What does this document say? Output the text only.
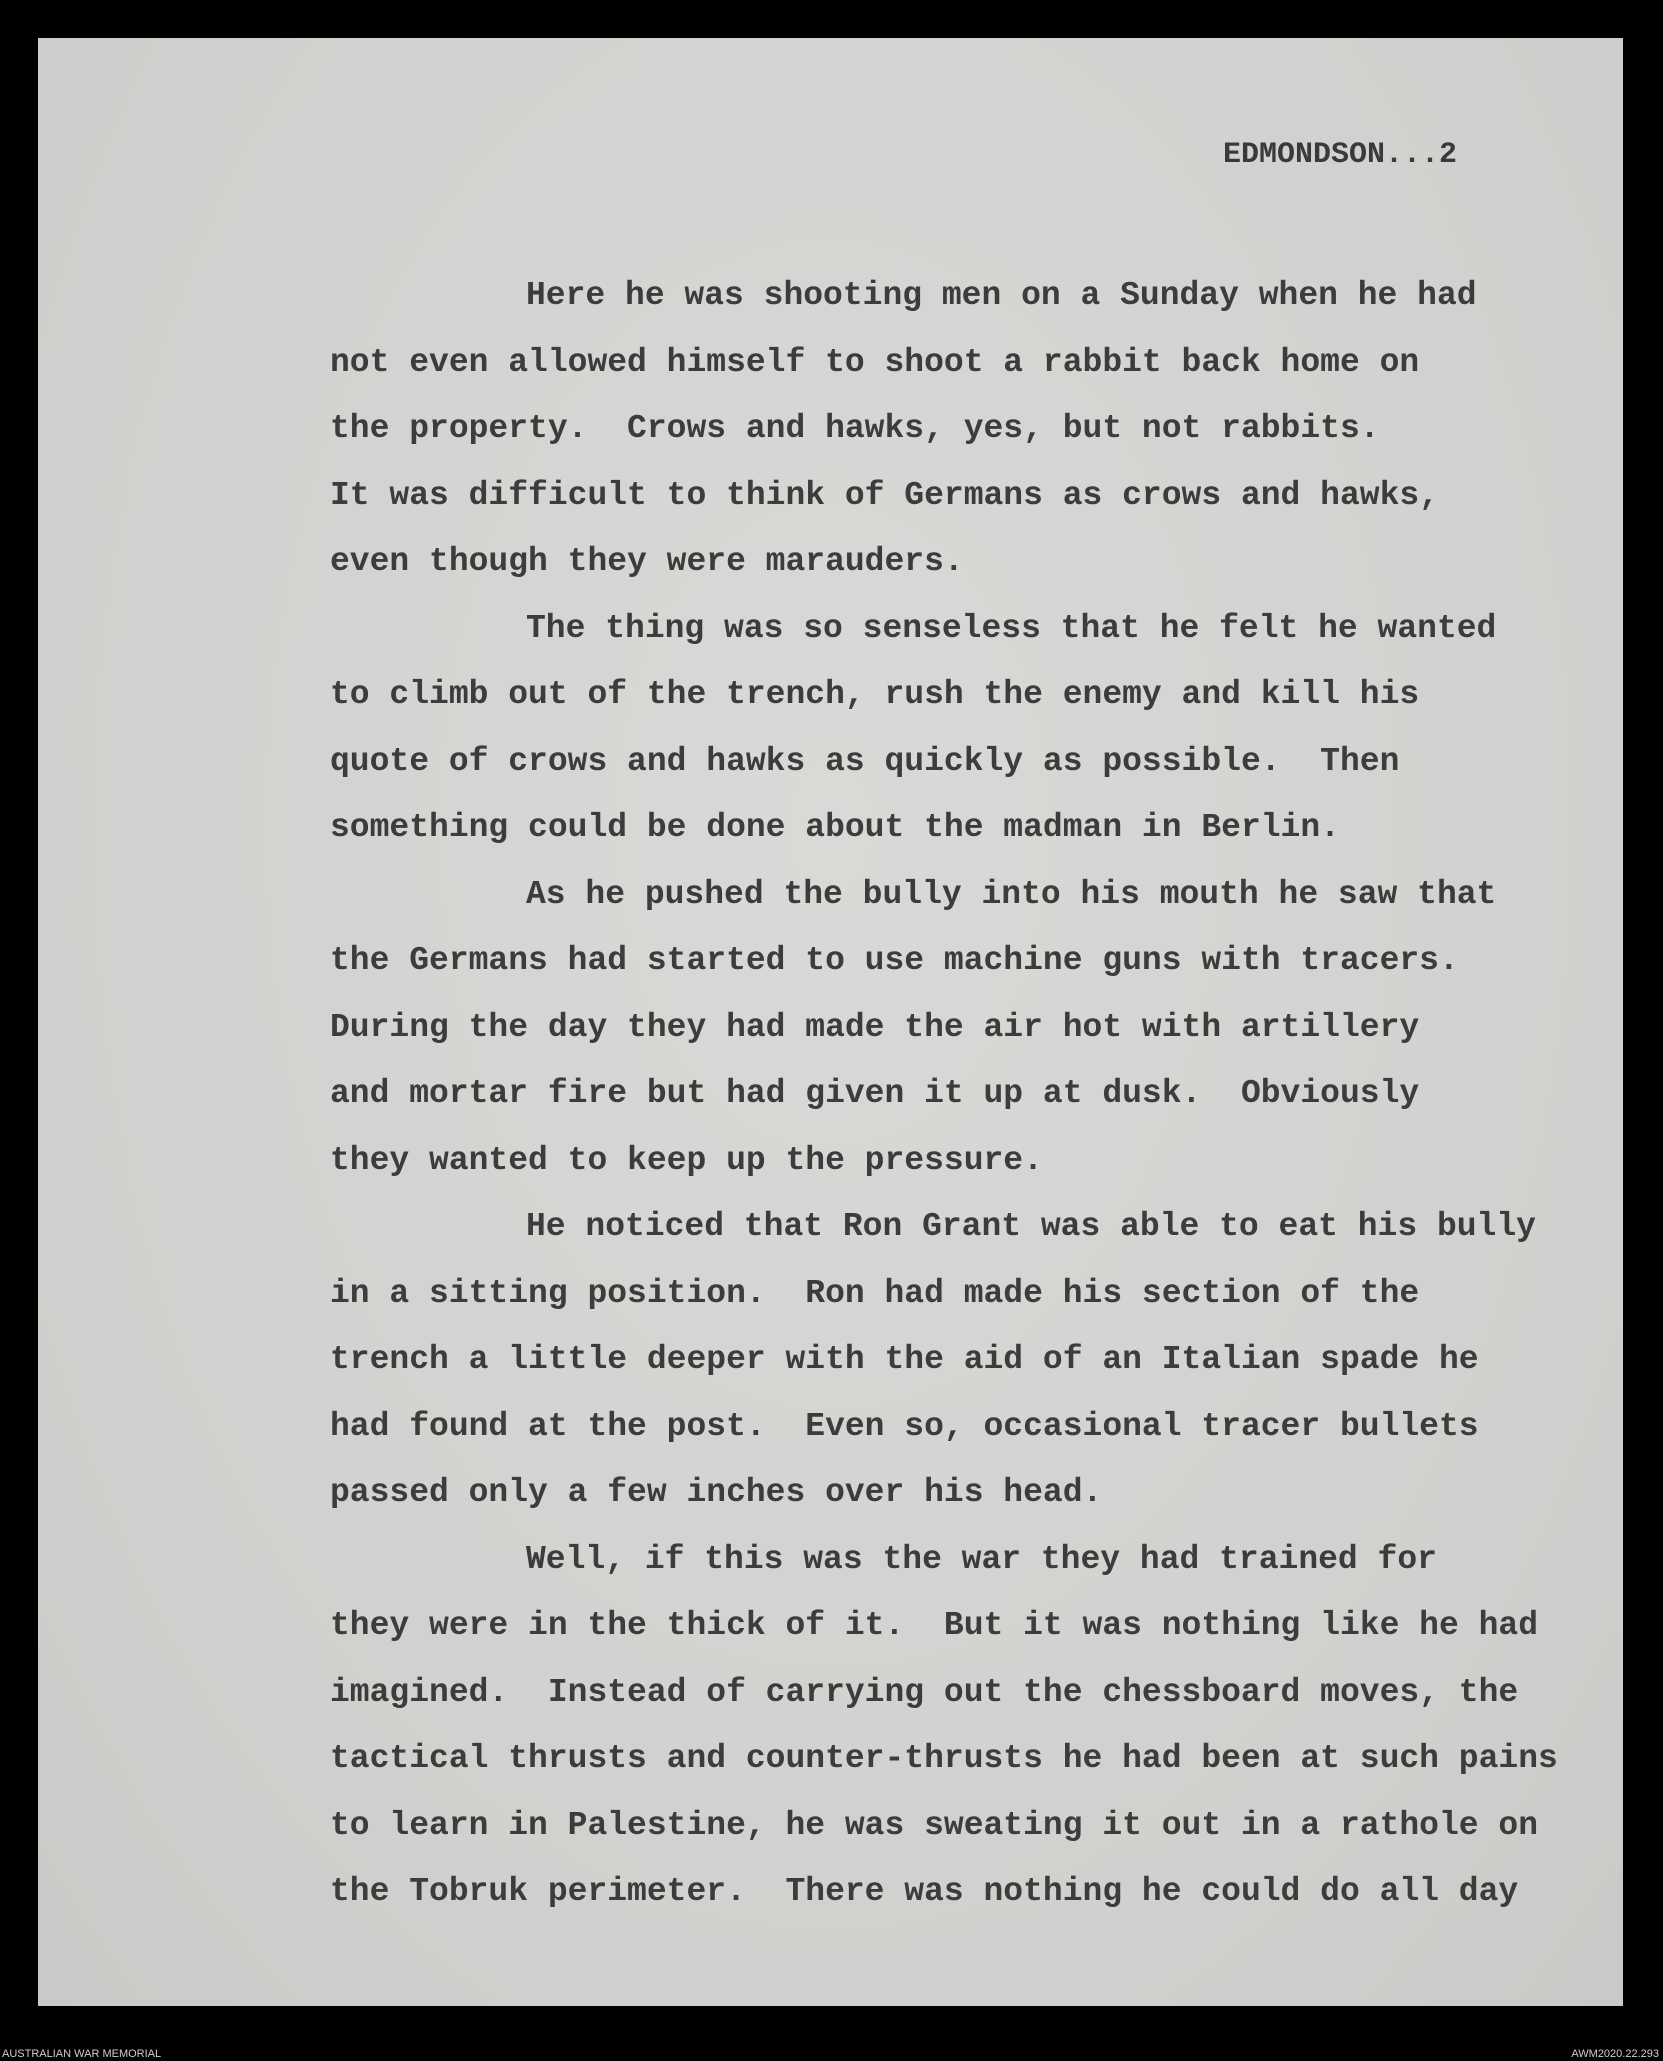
EDMONDSON...2
Here he was shooting men on a Sunday when he had
not even allowed himself to shoot a rabbit back home on
the property.  Crows and hawks, yes, but not rabbits.
It was difficult to think of Germans as crows and hawks,
even though they were marauders.
The thing was so senseless that he felt he wanted
to climb out of the trench, rush the enemy and kill his
quote of crows and hawks as quickly as possible.  Then
something could be done about the madman in Berlin.
As he pushed the bully into his mouth he saw that
the Germans had started to use machine guns with tracers.
During the day they had made the air hot with artillery
and mortar fire but had given it up at dusk.  Obviously
they wanted to keep up the pressure.
He noticed that Ron Grant was able to eat his bully
in a sitting position.  Ron had made his section of the
trench a little deeper with the aid of an Italian spade he
had found at the post.  Even so, occasional tracer bullets
passed only a few inches over his head.
Well, if this was the war they had trained for
they were in the thick of it.  But it was nothing like he had
imagined.  Instead of carrying out the chessboard moves, the
tactical thrusts and counter-thrusts he had been at such pains
to learn in Palestine, he was sweating it out in a rathole on
the Tobruk perimeter.  There was nothing he could do all day
AUSTRALIAN WAR MEMORIAL	AWM2020.22.293
